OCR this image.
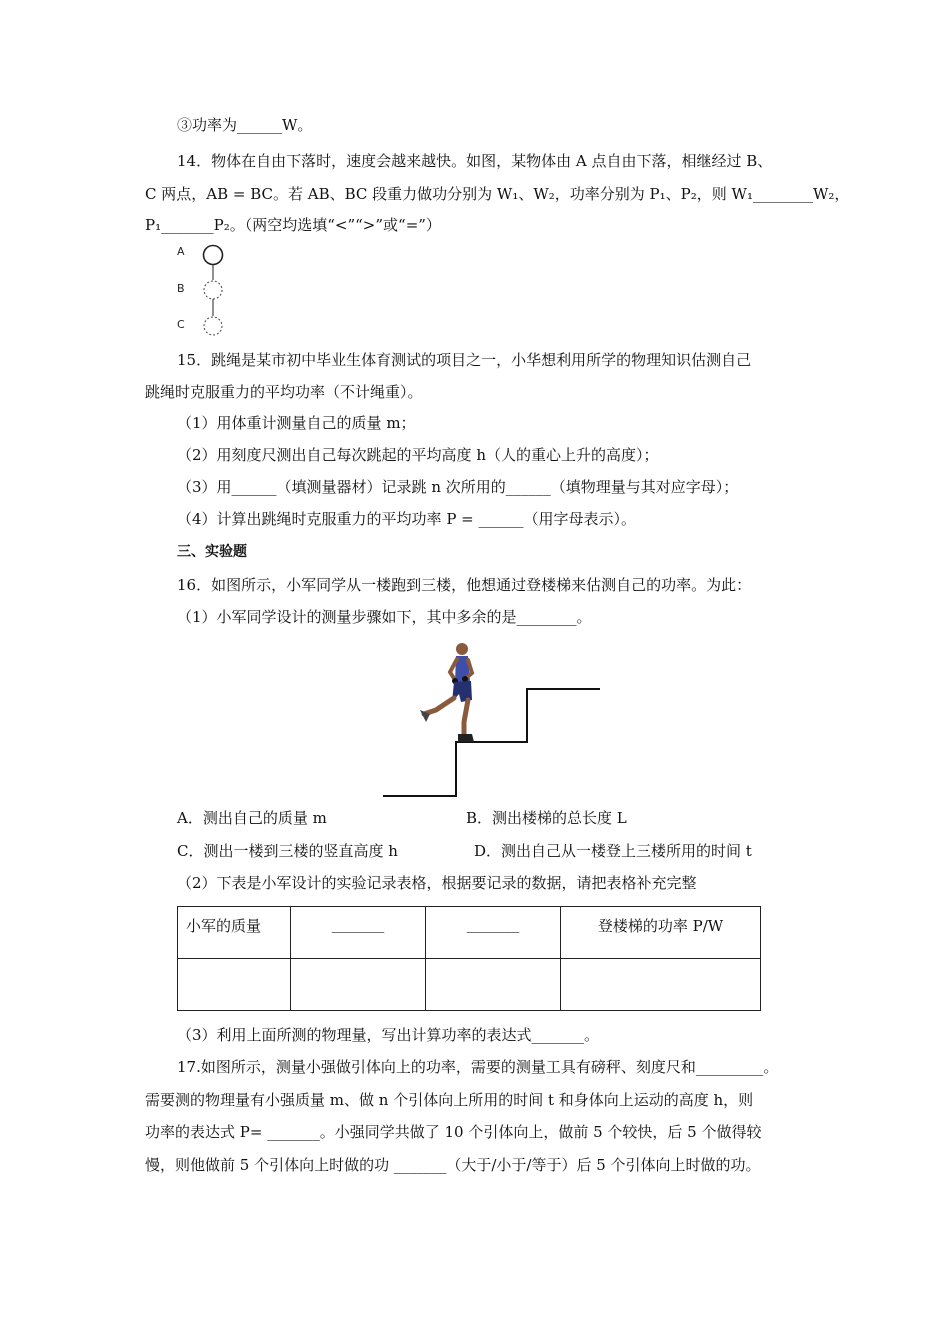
③功率为______W。
14．物体在自由下落时，速度会越来越快。如图，某物体由 A 点自由下落，相继经过 B、
C 两点，AB = BC。若 AB、BC 段重力做功分别为 W₁、W₂，功率分别为 P₁、P₂，则 W₁________W₂，
P₁_______P₂。（两空均选填“<”“>”或“=”）
A
B
C
15．跳绳是某市初中毕业生体育测试的项目之一，小华想利用所学的物理知识估测自己
跳绳时克服重力的平均功率（不计绳重）。
（1）用体重计测量自己的质量 m；
（2）用刻度尺测出自己每次跳起的平均高度 h（人的重心上升的高度）；
（3）用______（填测量器材）记录跳 n 次所用的______（填物理量与其对应字母）；
（4）计算出跳绳时克服重力的平均功率 P = ______（用字母表示）。
三、实验题
16．如图所示，小军同学从一楼跑到三楼，他想通过登楼梯来估测自己的功率。为此：
（1）小军同学设计的测量步骤如下，其中多余的是________。
A．测出自己的质量 m	B．测出楼梯的总长度 L
C．测出一楼到三楼的竖直高度 h	D．测出自己从一楼登上三楼所用的时间 t
（2）下表是小军设计的实验记录表格，根据要记录的数据，请把表格补充完整
小军的质量	_______	_______	登楼梯的功率 P/W

（3）利用上面所测的物理量，写出计算功率的表达式_______。
17.如图所示，测量小强做引体向上的功率，需要的测量工具有磅秤、刻度尺和_________。
需要测的物理量有小强质量 m、做 n 个引体向上所用的时间 t 和身体向上运动的高度 h，则
功率的表达式 P= _______。小强同学共做了 10 个引体向上，做前 5 个较快，后 5 个做得较
慢，则他做前 5 个引体向上时做的功 _______（大于/小于/等于）后 5 个引体向上时做的功。
